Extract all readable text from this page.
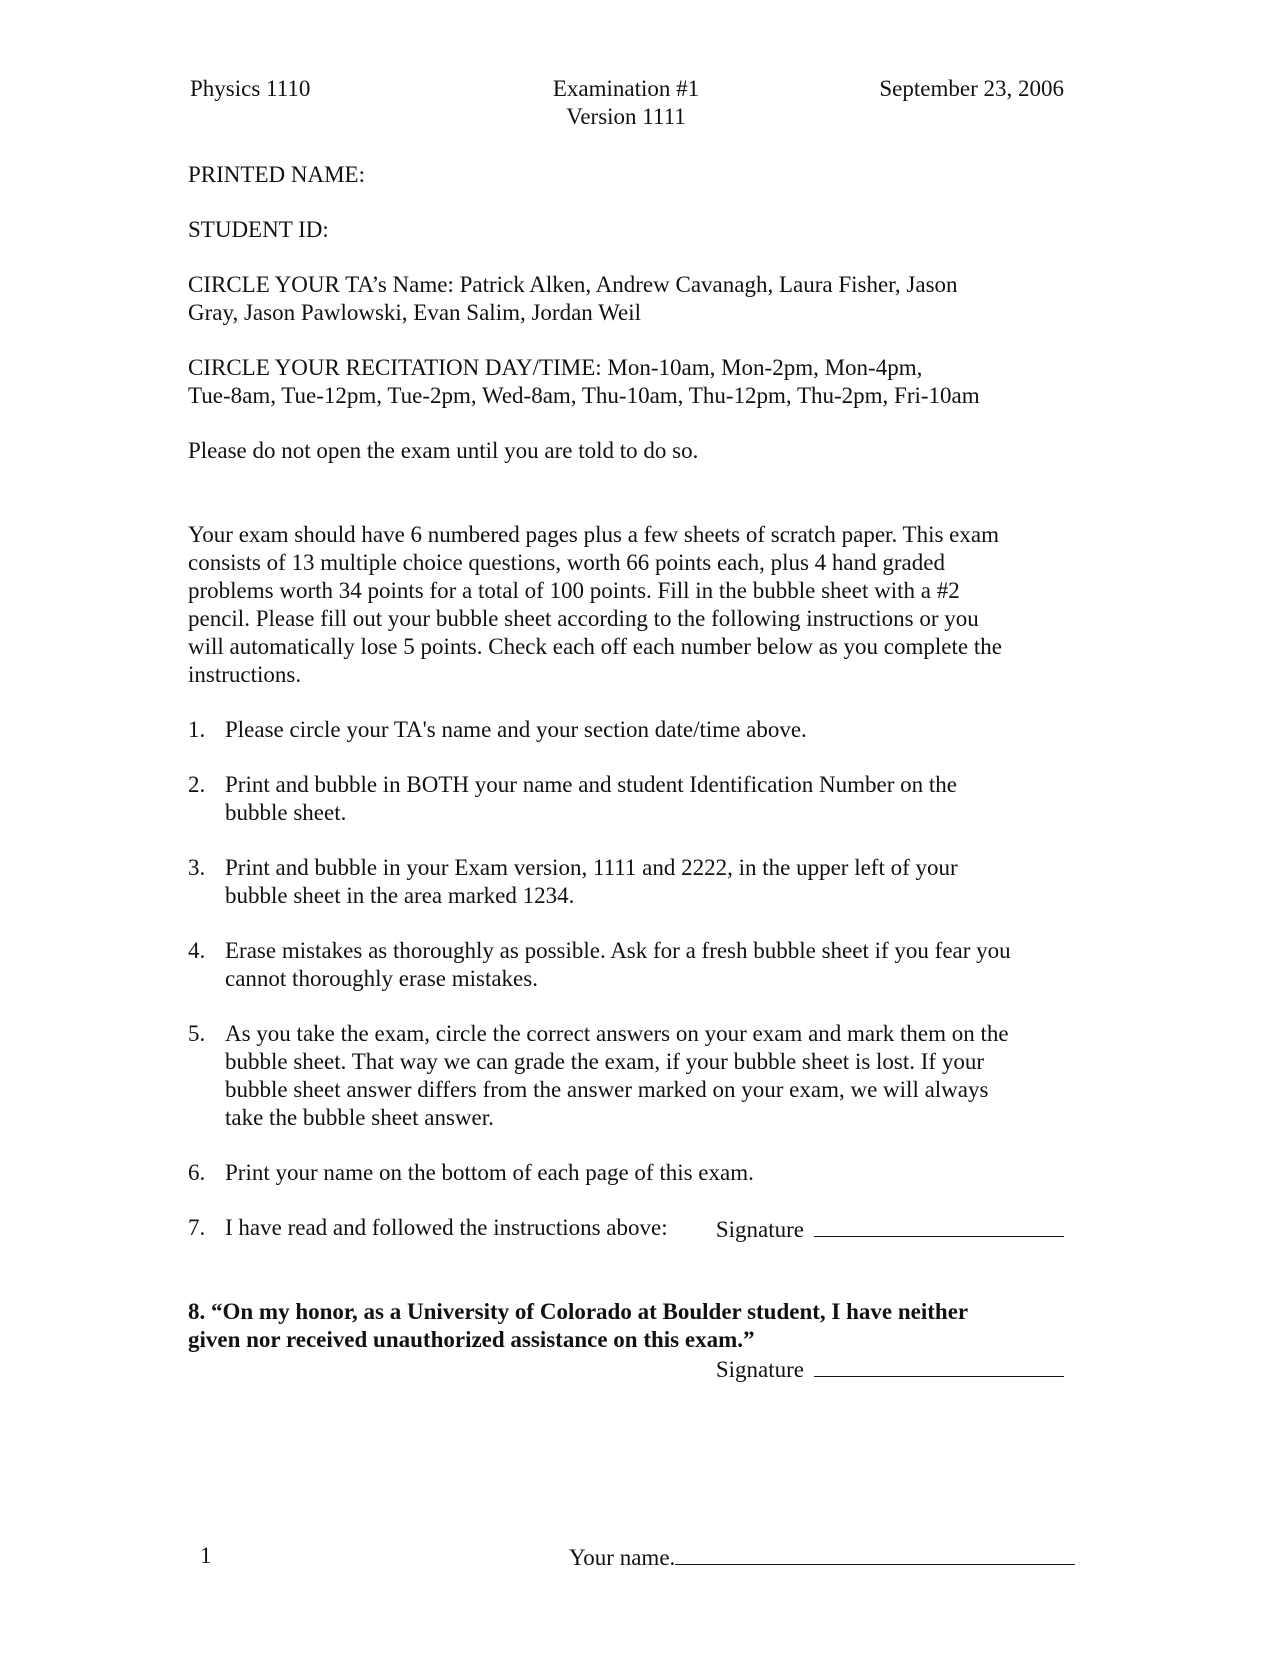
Physics 1110	Examination #1
Version 1111
September 23, 2006

PRINTED NAME:

STUDENT ID:

CIRCLE YOUR TA’s Name: Patrick Alken, Andrew Cavanagh, Laura Fisher, Jason
Gray, Jason Pawlowski, Evan Salim, Jordan Weil

CIRCLE YOUR RECITATION DAY/TIME: Mon-10am, Mon-2pm, Mon-4pm,
Tue-8am, Tue-12pm, Tue-2pm, Wed-8am, Thu-10am, Thu-12pm, Thu-2pm, Fri-10am

Please do not open the exam until you are told to do so.

Your exam should have 6 numbered pages plus a few sheets of scratch paper. This exam
consists of 13 multiple choice questions, worth 66 points each, plus 4 hand graded
problems worth 34 points for a total of 100 points. Fill in the bubble sheet with a #2
pencil. Please fill out your bubble sheet according to the following instructions or you
will automatically lose 5 points. Check each off each number below as you complete the
instructions.

1. Please circle your TA's name and your section date/time above.
2. Print and bubble in BOTH your name and student Identification Number on the
bubble sheet.
3. Print and bubble in your Exam version, 1111 and 2222, in the upper left of your
bubble sheet in the area marked 1234.
4. Erase mistakes as thoroughly as possible. Ask for a fresh bubble sheet if you fear you
cannot thoroughly erase mistakes.
5. As you take the exam, circle the correct answers on your exam and mark them on the
bubble sheet. That way we can grade the exam, if your bubble sheet is lost. If your
bubble sheet answer differs from the answer marked on your exam, we will always
take the bubble sheet answer.
6. Print your name on the bottom of each page of this exam.
7. I have read and followed the instructions above: Signature

8. “On my honor, as a University of Colorado at Boulder student, I have neither
given nor received unauthorized assistance on this exam.”

Signature

1	Your name.
